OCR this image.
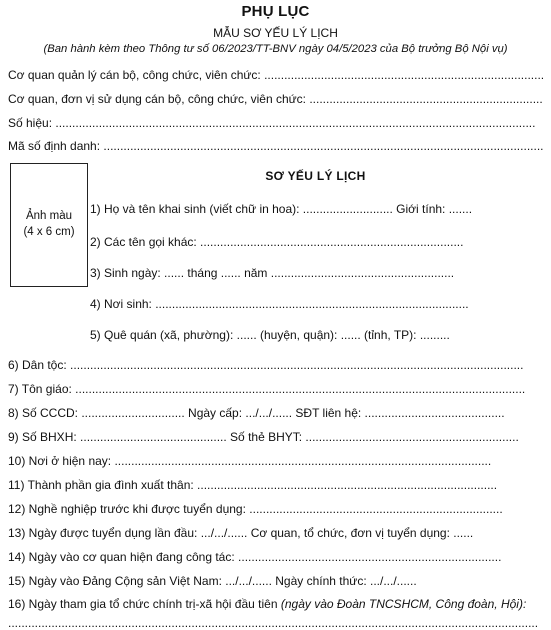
PHỤ LỤC
MẪU SƠ YẾU LÝ LỊCH
(Ban hành kèm theo Thông tư số 06/2023/TT-BNV ngày 04/5/2023 của Bộ trưởng Bộ Nội vụ)
Cơ quan quản lý cán bộ, công chức, viên chức: ....................................................................................
Cơ quan, đơn vị sử dụng cán bộ, công chức, viên chức: ......................................................................
Số hiệu: ................................................................................................................................................
Mã số định danh: ....................................................................................................................................
SƠ YẾU LÝ LỊCH
Ảnh màu
(4 x 6 cm)
1) Họ và tên khai sinh (viết chữ in hoa): ........................... Giới tính: .......
2) Các tên gọi khác: ...............................................................................
3) Sinh ngày: ...... tháng ...... năm .......................................................
4) Nơi sinh: ..............................................................................................
5) Quê quán (xã, phường): ...... (huyện, quận): ...... (tỉnh, TP): .........
6) Dân tộc: ........................................................................................................................................
7) Tôn giáo: .......................................................................................................................................
8) Số CCCD: ............................... Ngày cấp: .../.../...... SĐT liên hệ: ..........................................
9) Số BHXH: ............................................ Số thẻ BHYT: ................................................................
10) Nơi ở hiện nay: .................................................................................................................
11) Thành phần gia đình xuất thân: ..........................................................................................
12) Nghề nghiệp trước khi được tuyển dụng: ............................................................................
13) Ngày được tuyển dụng lần đầu: .../.../...... Cơ quan, tổ chức, đơn vị tuyển dụng: ......
14) Ngày vào cơ quan hiện đang công tác: ...............................................................................
15) Ngày vào Đảng Cộng sản Việt Nam: .../.../...... Ngày chính thức: .../.../......
16) Ngày tham gia tổ chức chính trị-xã hội đầu tiên (ngày vào Đoàn TNCSHCM, Công đoàn, Hội):
...............................................................................................................................................................
